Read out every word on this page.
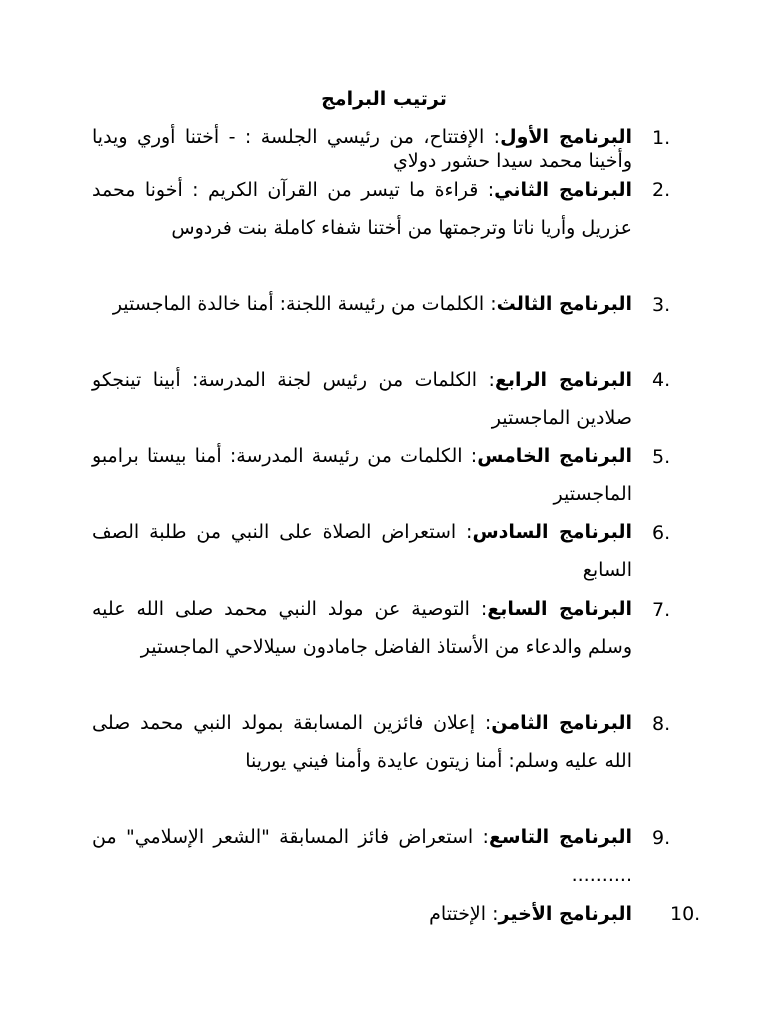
ترتيب البرامج
1.
البرنامج الأول: الإفتتاح، من رئيسي الجلسة : - أختنا أوري ويديا وأخينا محمد سيدا حشور دولاي
2.
البرنامج الثاني: قراءة ما تيسر من القرآن الكريم : أخونا محمد عزريل وأريا ناتا وترجمتها من أختنا شفاء كاملة بنت فردوس
3.
البرنامج الثالث: الكلمات من رئيسة اللجنة: أمنا خالدة الماجستير
4.
البرنامج الرابع: الكلمات من رئيس لجنة المدرسة: أبينا تينجكو صلادين الماجستير
5.
البرنامج الخامس: الكلمات من رئيسة المدرسة: أمنا بيستا برامبو الماجستير
6.
البرنامج السادس: استعراض الصلاة على النبي من طلبة الصف السابع
7.
البرنامج السابع: التوصية عن مولد النبي محمد صلى الله عليه وسلم والدعاء من الأستاذ الفاضل جامادون سيلالاحي الماجستير
8.
البرنامج الثامن: إعلان فائزين المسابقة بمولد النبي محمد صلى الله عليه وسلم: أمنا زيتون عايدة وأمنا فيني يورينا
9.
البرنامج التاسع: استعراض فائز المسابقة "الشعر الإسلامي" من ..........
10.
البرنامج الأخير: الإختتام
